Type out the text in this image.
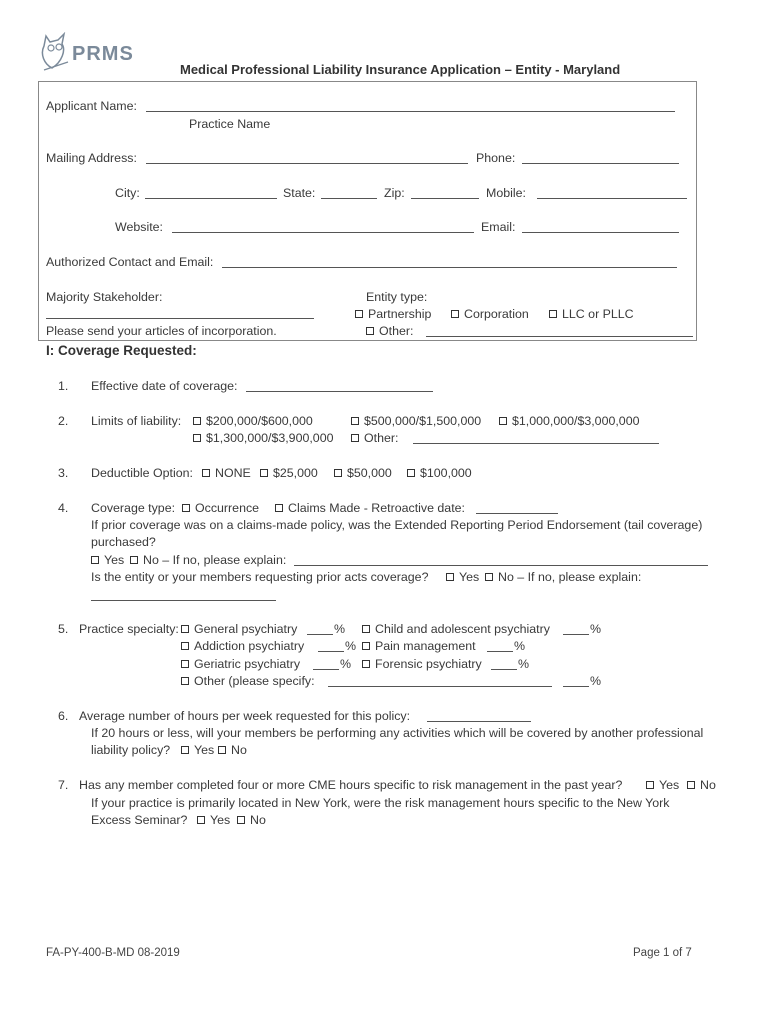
PRMS
Medical Professional Liability Insurance Application – Entity - Maryland
Applicant Name:
Practice Name
Mailing Address:	Phone:
City:	State:	Zip:	Mobile:
Website:	Email:
Authorized Contact and Email:
Majority Stakeholder:
Please send your articles of incorporation.
Entity type:
Partnership	Corporation	LLC or PLLC
Other:
I: Coverage Requested:
1. Effective date of coverage:
2. Limits of liability:	$200,000/$600,000	$500,000/$1,500,000	$1,000,000/$3,000,000
$1,300,000/$3,900,000	Other:
3. Deductible Option:	NONE	$25,000	$50,000	$100,000
4. Coverage type:	Occurrence	Claims Made - Retroactive date:
If prior coverage was on a claims-made policy, was the Extended Reporting Period Endorsement (tail coverage)
purchased?
Yes	No – If no, please explain:
Is the entity or your members requesting prior acts coverage?	Yes	No – If no, please explain:
5. Practice specialty:	General psychiatry	%	Child and adolescent psychiatry	%
Addiction psychiatry	%	Pain management	%
Geriatric psychiatry	%	Forensic psychiatry	%
Other (please specify:	%
6. Average number of hours per week requested for this policy:
If 20 hours or less, will your members be performing any activities which will be covered by another professional
liability policy?	Yes	No
7. Has any member completed four or more CME hours specific to risk management in the past year?	Yes	No
If your practice is primarily located in New York, were the risk management hours specific to the New York
Excess Seminar?	Yes	No
FA-PY-400-B-MD 08-2019	Page 1 of 7
